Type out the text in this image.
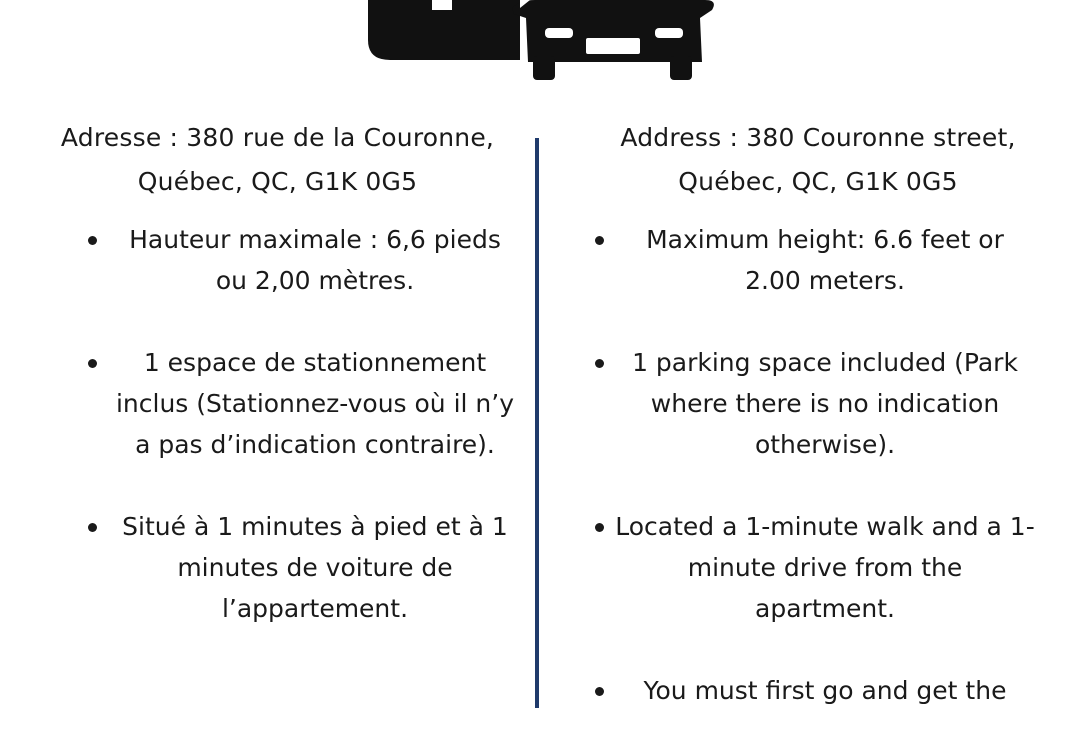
Adresse : 380 rue de la Couronne, Québec, QC, G1K 0G5

Hauteur maximale : 6,6 pieds ou 2,00 mètres.
1 espace de stationnement inclus (Stationnez-vous où il n’y a pas d’indication contraire).
Situé à 1 minutes à pied et à 1 minutes de voiture de l’appartement.

Address : 380 Couronne street, Québec, QC, G1K 0G5

Maximum height: 6.6 feet or 2.00 meters.
1 parking space included (Park where there is no indication otherwise).
Located a 1-minute walk and a 1-minute drive from the apartment.
You must first go and get the
